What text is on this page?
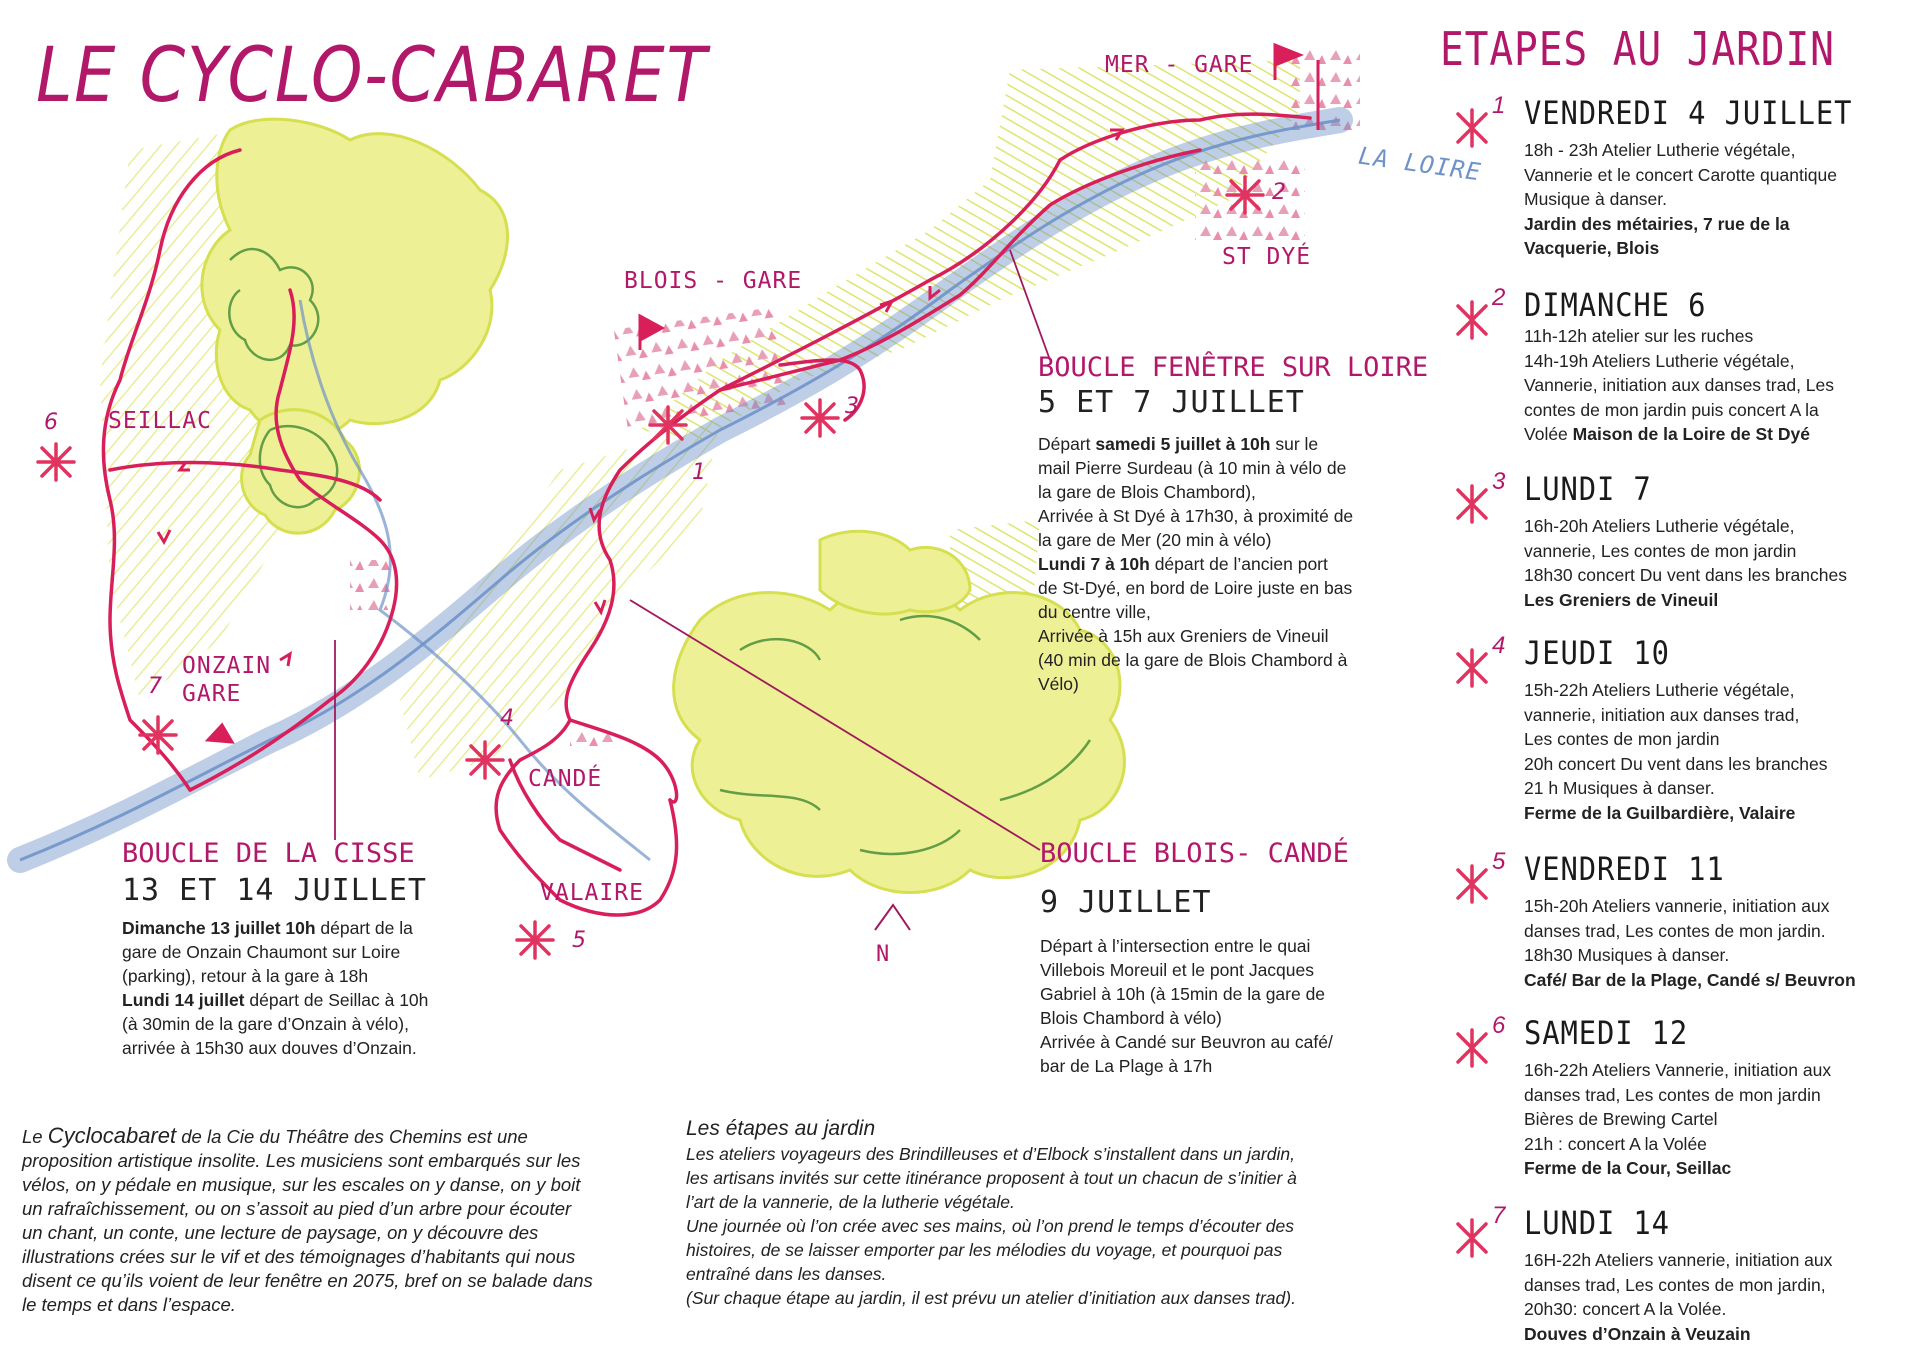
LE CYCLO-CABARET	MER - GARE
LA LOIRE
ST DYÉ
BLOIS - GARE
SEILLAC
ONZAIN
GARE
CANDÉ
VALAIRE
N
1
2
3
4
5
6
7
BOUCLE FENÊTRE SUR LOIRE
5 ET 7 JUILLET
Départ samedi 5 juillet à 10h sur le
mail Pierre Surdeau (à 10 min à vélo de
la gare de Blois Chambord),
Arrivée à St Dyé à 17h30, à proximité de
la gare de Mer (20 min à vélo)
Lundi 7 à 10h départ de l’ancien port
de St-Dyé, en bord de Loire juste en bas
du centre ville,
Arrivée à 15h aux Greniers de Vineuil
(40 min de la gare de Blois Chambord à
Vélo)
BOUCLE DE LA CISSE
13 ET 14 JUILLET
Dimanche 13 juillet 10h départ de la
gare de Onzain Chaumont sur Loire
(parking), retour à la gare à 18h
Lundi 14 juillet départ de Seillac à 10h
(à 30min de la gare d’Onzain à vélo),
arrivée à 15h30 aux douves d’Onzain.
BOUCLE BLOIS- CANDÉ
9 JUILLET
Départ à l’intersection entre le quai
Villebois Moreuil et le pont Jacques
Gabriel à 10h (à 15min de la gare de
Blois Chambord à vélo)
Arrivée à Candé sur Beuvron au café/
bar de La Plage à 17h
Le Cyclocabaret de la Cie du Théâtre des Chemins est une
proposition artistique insolite. Les musiciens sont embarqués sur les
vélos, on y pédale en musique, sur les escales on y danse, on y boit
un rafraîchissement, ou on s’assoit au pied d’un arbre pour écouter
un chant, un conte, une lecture de paysage, on y découvre des
illustrations crées sur le vif et des témoignages d’habitants qui nous
disent ce qu’ils voient de leur fenêtre en 2075, bref on se balade dans
le temps et dans l’espace.
Les étapes au jardin
Les ateliers voyageurs des Brindilleuses et d’Elbock s’installent dans un jardin,
les artisans invités sur cette itinérance proposent à tout un chacun de s’initier à
l’art de la vannerie, de la lutherie végétale.
Une journée où l’on crée avec ses mains, où l’on prend le temps d’écouter des
histoires, de se laisser emporter par les mélodies du voyage, et pourquoi pas
entraîné dans les danses.
(Sur chaque étape au jardin, il est prévu un atelier d’initiation aux danses trad).
ETAPES AU JARDIN
1 VENDREDI 4 JUILLET
18h - 23h Atelier Lutherie végétale,
Vannerie et le concert Carotte quantique
Musique à danser.
Jardin des métairies, 7 rue de la
Vacquerie, Blois
2 DIMANCHE 6
11h-12h atelier sur les ruches
14h-19h Ateliers Lutherie végétale,
Vannerie, initiation aux danses trad, Les
contes de mon jardin puis concert A la
Volée Maison de la Loire de St Dyé
3 LUNDI 7
16h-20h Ateliers Lutherie végétale,
vannerie, Les contes de mon jardin
18h30 concert Du vent dans les branches
Les Greniers de Vineuil
4 JEUDI 10
15h-22h Ateliers Lutherie végétale,
vannerie, initiation aux danses trad,
Les contes de mon jardin
20h concert Du vent dans les branches
21 h Musiques à danser.
Ferme de la Guilbardière, Valaire
5 VENDREDI 11
15h-20h Ateliers vannerie, initiation aux
danses trad, Les contes de mon jardin.
18h30 Musiques à danser.
Café/ Bar de la Plage, Candé s/ Beuvron
6 SAMEDI 12
16h-22h Ateliers Vannerie, initiation aux
danses trad, Les contes de mon jardin
Bières de Brewing Cartel
21h : concert A la Volée
Ferme de la Cour, Seillac
7 LUNDI 14
16H-22h Ateliers vannerie, initiation aux
danses trad, Les contes de mon jardin,
20h30: concert A la Volée.
Douves d’Onzain à Veuzain
